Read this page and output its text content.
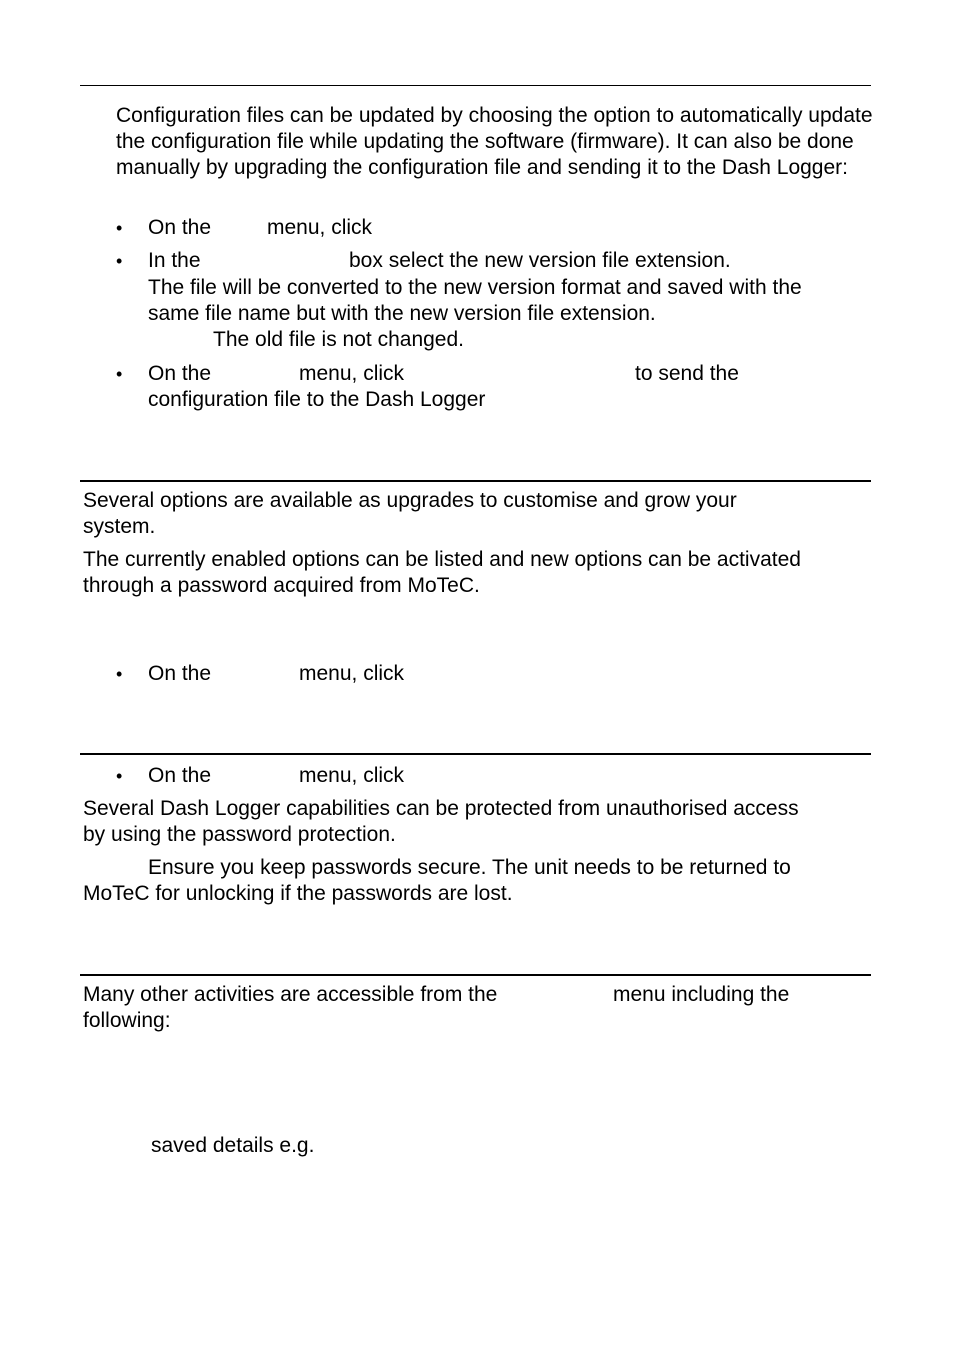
Configuration files can be updated by choosing the option to automatically update the configuration file while updating the software (firmware). It can also be done manually by upgrading the configuration file and sending it to the Dash Logger:

• On the	menu, click
• In the	box select the new version file extension.
The file will be converted to the new version format and saved with the
same file name but with the new version file extension.
The old file is not changed.
• On the	menu, click	to send the
configuration file to the Dash Logger
Several options are available as upgrades to customise and grow your
system.
The currently enabled options can be listed and new options can be activated
through a password acquired from MoTeC.
• On the	menu, click
• On the	menu, click
Several Dash Logger capabilities can be protected from unauthorised access
by using the password protection.
Ensure you keep passwords secure. The unit needs to be returned to
MoTeC for unlocking if the passwords are lost.
Many other activities are accessible from the	menu including the
following:
saved details e.g.
